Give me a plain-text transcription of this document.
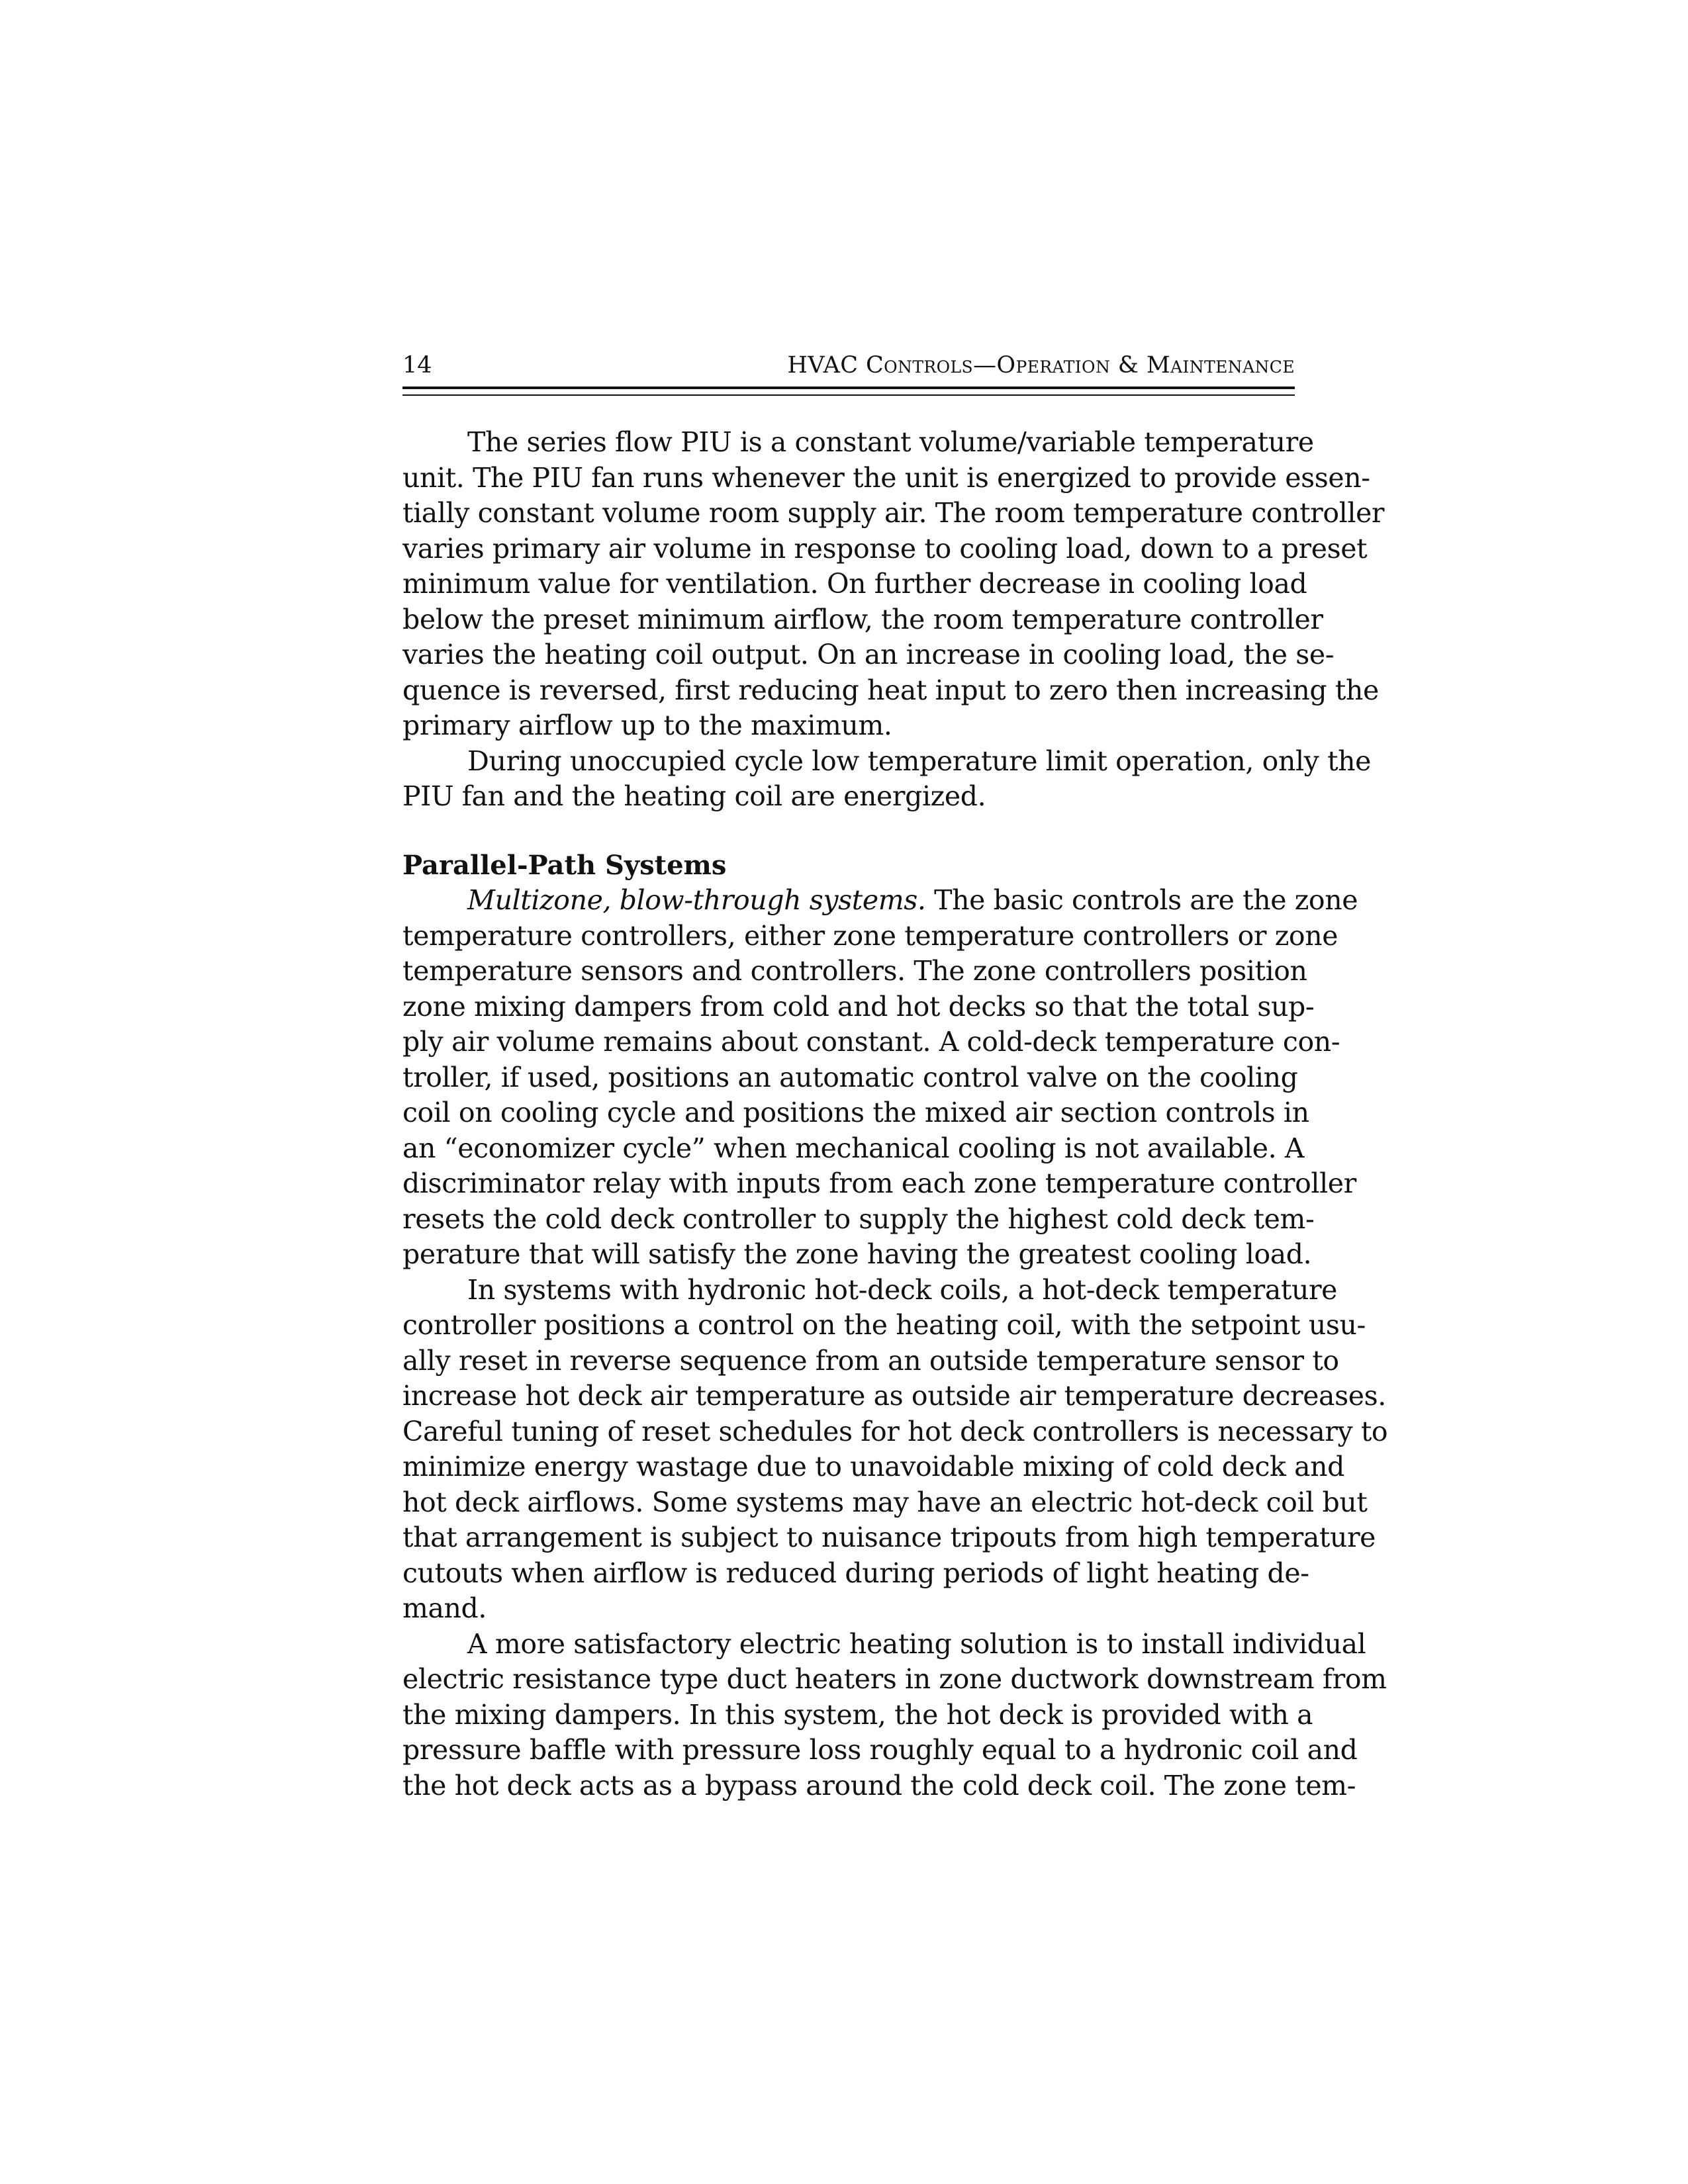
14	HVAC Controls—Operation & Maintenance
The series flow PIU is a constant volume/variable temperature
unit. The PIU fan runs whenever the unit is energized to provide essen-
tially constant volume room supply air. The room temperature controller
varies primary air volume in response to cooling load, down to a preset
minimum value for ventilation. On further decrease in cooling load
below the preset minimum airflow, the room temperature controller
varies the heating coil output. On an increase in cooling load, the se-
quence is reversed, first reducing heat input to zero then increasing the
primary airflow up to the maximum.
During unoccupied cycle low temperature limit operation, only the
PIU fan and the heating coil are energized.
Parallel-Path Systems
Multizone, blow-through systems. The basic controls are the zone
temperature controllers, either zone temperature controllers or zone
temperature sensors and controllers. The zone controllers position
zone mixing dampers from cold and hot decks so that the total sup-
ply air volume remains about constant. A cold-deck temperature con-
troller, if used, positions an automatic control valve on the cooling
coil on cooling cycle and positions the mixed air section controls in
an “economizer cycle” when mechanical cooling is not available. A
discriminator relay with inputs from each zone temperature controller
resets the cold deck controller to supply the highest cold deck tem-
perature that will satisfy the zone having the greatest cooling load.
In systems with hydronic hot-deck coils, a hot-deck temperature
controller positions a control on the heating coil, with the setpoint usu-
ally reset in reverse sequence from an outside temperature sensor to
increase hot deck air temperature as outside air temperature decreases.
Careful tuning of reset schedules for hot deck controllers is necessary to
minimize energy wastage due to unavoidable mixing of cold deck and
hot deck airflows. Some systems may have an electric hot-deck coil but
that arrangement is subject to nuisance tripouts from high temperature
cutouts when airflow is reduced during periods of light heating de-
mand.
A more satisfactory electric heating solution is to install individual
electric resistance type duct heaters in zone ductwork downstream from
the mixing dampers. In this system, the hot deck is provided with a
pressure baffle with pressure loss roughly equal to a hydronic coil and
the hot deck acts as a bypass around the cold deck coil. The zone tem-
